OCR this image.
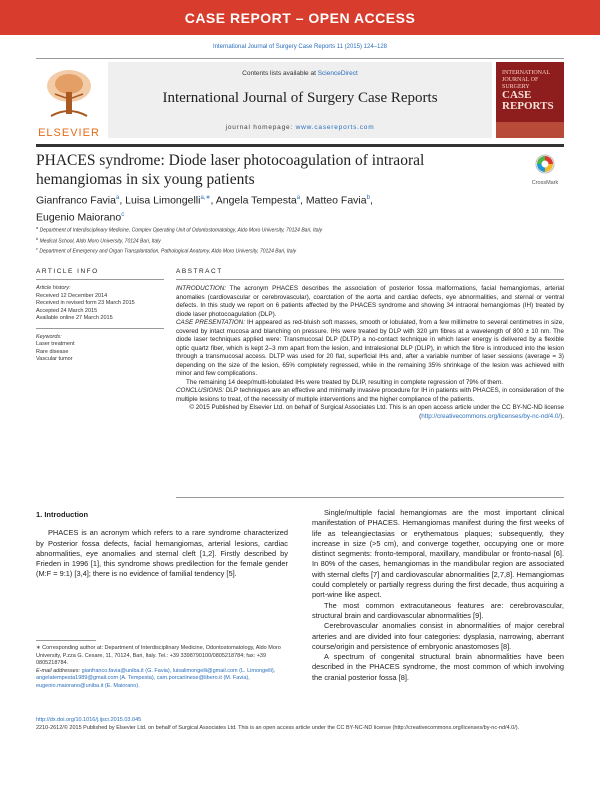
CASE REPORT – OPEN ACCESS
International Journal of Surgery Case Reports 11 (2015) 124–128
ELSEVIER
Contents lists available at ScienceDirect
International Journal of Surgery Case Reports
journal homepage: www.casereports.com
INTERNATIONAL JOURNAL OF SURGERY
CASE REPORTS
PHACES syndrome: Diode laser photocoagulation of intraoral hemangiomas in six young patients	CrossMark
Gianfranco Favia$^a$, Luisa Limongelli$^{a,∗}$, Angela Tempesta$^a$, Matteo Favia$^b$,
Eugenio Maiorano$^c$
$^a$ Department of Interdisciplinary Medicine, Complex Operating Unit of Odontostomatology, Aldo Moro University, 70124 Bari, Italy
$^b$ Medical School, Aldo Moro University, 70124 Bari, Italy
$^c$ Department of Emergency and Organ Transplantation, Pathological Anatomy, Aldo Moro University, 70124 Bari, Italy
ARTICLE INFO	ABSTRACT
Article history:
Received 12 December 2014
Received in revised form 23 March 2015
Accepted 24 March 2015
Available online 27 March 2015
Keywords:
Laser treatment
Rare disease
Vascular tumor

INTRODUCTION: The acronym PHACES describes the association of posterior fossa malformations, facial hemangiomas, arterial anomalies (cardiovascular or cerebrovascular), coarctation of the aorta and cardiac defects, eye abnormalities, and sternal or ventral defects. In this study we report on 6 patients affected by the PHACES syndrome and showing 34 intraoral hemangiomas (IH) treated by diode laser photocoagulation (DLP).

CASE PRESENTATION: IH appeared as red-bluish soft masses, smooth or lobulated, from a few millimetre to several centimetres in size, covered by intact mucosa and blanching on pressure. IHs were treated by DLP with 320 μm fibres at a wavelength of 800 ± 10 nm. The diode laser techniques applied were: Transmucosal DLP (DLTP) a no-contact technique in which laser energy is delivered by a flexible optic quartz fiber, which is kept 2–3 mm apart from the lesion, and Intralesional DLP (DLIP), in which the fibre is introduced into the lesion through a transmucosal access. DLTP was used for 20 flat, superficial IHs and, after a variable number of laser sessions (average = 3) depending on the size of the lesion, 65% completely regressed, while in the remaining 35% shrinkage of the lesion was achieved with minor and few complications.

The remaining 14 deep/multi-lobulated IHs were treated by DLIP, resulting in complete regression of 79% of them.

CONCLUSIONS: DLP techniques are an effective and minimally invasive procedure for IH in patients with PHACES, in consideration of the multiple lesions to treat, of the necessity of multiple interventions and the higher compliance of the patients.

© 2015 Published by Elsevier Ltd. on behalf of Surgical Associates Ltd. This is an open access article under the CC BY-NC-ND license (http://creativecommons.org/licenses/by-nc-nd/4.0/).

1. Introduction

PHACES is an acronym which refers to a rare syndrome characterized by Posterior fossa defects, facial hemangiomas, arterial lesions, cardiac abnormalities, eye anomalies and sternal cleft [1,2]. Firstly described by Frieden in 1996 [1], this syndrome shows predilection for the female gender (M:F = 9:1) [3,4]; there is no evidence of familial tendency [5].

Single/multiple facial hemangiomas are the most important clinical manifestation of PHACES. Hemangiomas manifest during the first weeks of life as teleangiectasias or erythematous plaques; subsequently, they increase in size (>5 cm), and converge together, occupying one or more distinct segments: fronto-temporal, maxillary, mandibular or fronto-nasal [6]. In 80% of the cases, hemangiomas in the mandibular region are associated with sternal clefts [7] and cardiovascular abnormalities [2,7,8]. Hemangiomas could completely or partially regress during the first decade, thus acquiring a port-wine like aspect.

The most common extracutaneous features are: cerebrovascular, structural brain and cardiovascular abnormalities [9].

Cerebrovascular anomalies consist in abnormalities of major cerebral arteries and are divided into four categories: dysplasia, narrowing, aberrant course/origin and persistence of embryonic anastomoses [8].

A spectrum of congenital structural brain abnormalities have been described in the PHACES syndrome, the most common of which involving the cranial posterior fossa [8].

∗ Corresponding author at: Department of Interdisciplinary Medicine, Odontostomatology, Aldo Moro University, P.zza G. Cesare, 11, 70124, Bari, Italy. Tel.: +39 3398790100/0805218784; fax: +39 0805218784.
E-mail addresses: gianfranco.favia@uniba.it (G. Favia), luisalimongelli@gmail.com (L. Limongelli), angelatempesta1989@gmail.com (A. Tempesta), cam.porcariinese@libero.it (M. Favia), eugenio.maiorano@uniba.it (E. Maiorano).
http://dx.doi.org/10.1016/j.ijscr.2015.03.045
2210-2612/© 2015 Published by Elsevier Ltd. on behalf of Surgical Associates Ltd. This is an open access article under the CC BY-NC-ND license (http://creativecommons.org/licenses/by-nc-nd/4.0/).
